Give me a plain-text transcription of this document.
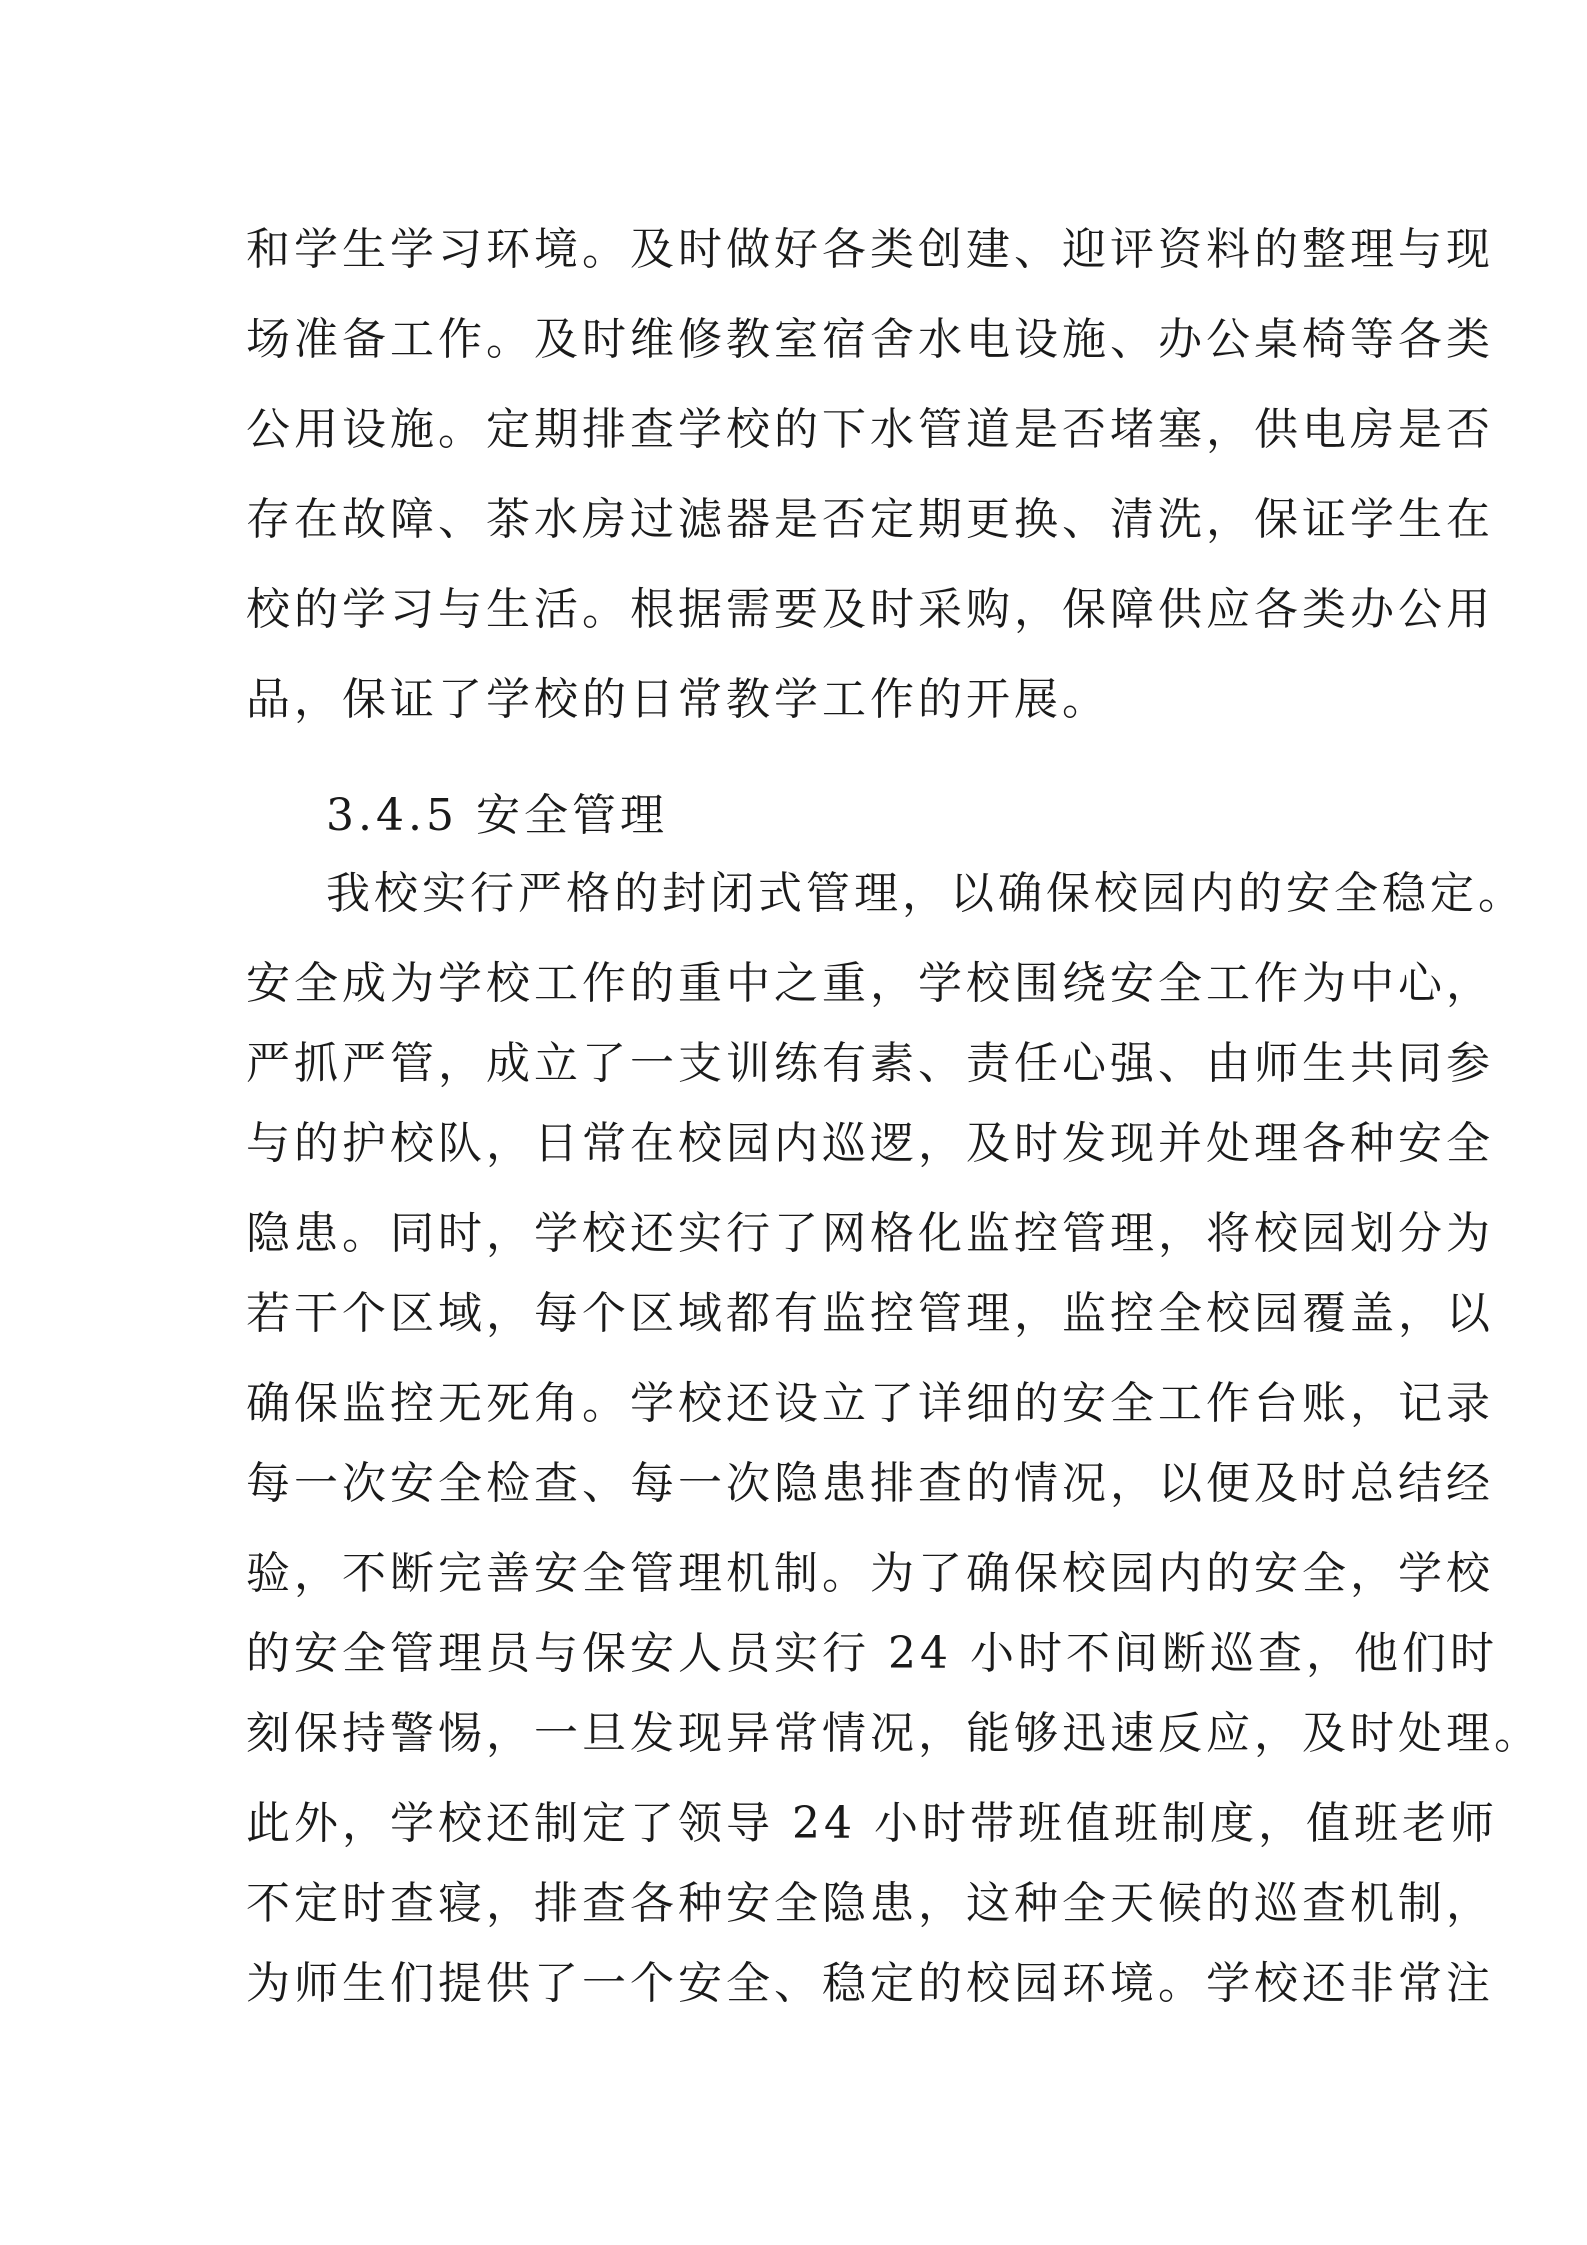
和学生学习环境。及时做好各类创建、迎评资料的整理与现
场准备工作。及时维修教室宿舍水电设施、办公桌椅等各类
公用设施。定期排查学校的下水管道是否堵塞，供电房是否
存在故障、茶水房过滤器是否定期更换、清洗，保证学生在
校的学习与生活。根据需要及时采购，保障供应各类办公用
品，保证了学校的日常教学工作的开展。
3.4.5 安全管理
我校实行严格的封闭式管理，以确保校园内的安全稳定。
安全成为学校工作的重中之重，学校围绕安全工作为中心，
严抓严管，成立了一支训练有素、责任心强、由师生共同参
与的护校队，日常在校园内巡逻，及时发现并处理各种安全
隐患。同时，学校还实行了网格化监控管理，将校园划分为
若干个区域，每个区域都有监控管理，监控全校园覆盖，以
确保监控无死角。学校还设立了详细的安全工作台账，记录
每一次安全检查、每一次隐患排查的情况，以便及时总结经
验，不断完善安全管理机制。为了确保校园内的安全，学校
的安全管理员与保安人员实行 24 小时不间断巡查，他们时
刻保持警惕，一旦发现异常情况，能够迅速反应，及时处理。
此外，学校还制定了领导 24 小时带班值班制度，值班老师
不定时查寝，排查各种安全隐患，这种全天候的巡查机制，
为师生们提供了一个安全、稳定的校园环境。学校还非常注
